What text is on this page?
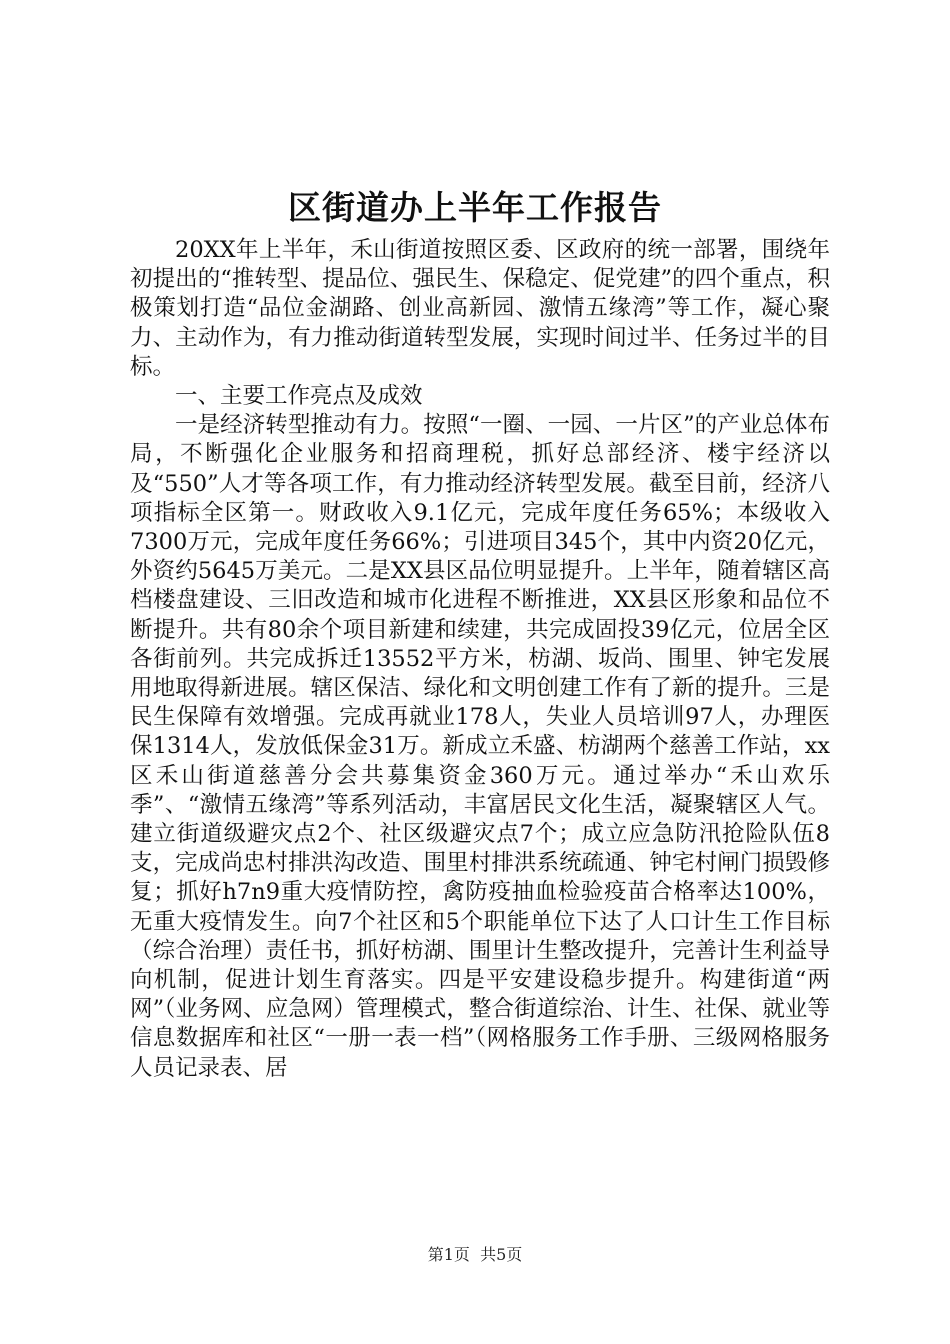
区街道办上半年工作报告

20XX年上半年，禾山街道按照区委、区政府的统一部署，围绕年初提出的“推转型、提品位、强民生、保稳定、促党建”的四个重点，积极策划打造“品位金湖路、创业高新园、激情五缘湾”等工作，凝心聚力、主动作为，有力推动街道转型发展，实现时间过半、任务过半的目标。

一、主要工作亮点及成效

一是经济转型推动有力。按照“一圈、一园、一片区”的产业总体布局，不断强化企业服务和招商理税，抓好总部经济、楼宇经济以及“550”人才等各项工作，有力推动经济转型发展。截至目前，经济八项指标全区第一。财政收入9.1亿元，完成年度任务65%；本级收入7300万元，完成年度任务66%；引进项目345个，其中内资20亿元，外资约5645万美元。二是XX县区品位明显提升。上半年，随着辖区高档楼盘建设、三旧改造和城市化进程不断推进，XX县区形象和品位不断提升。共有80余个项目新建和续建，共完成固投39亿元，位居全区各街前列。共完成拆迁13552平方米，枋湖、坂尚、围里、钟宅发展用地取得新进展。辖区保洁、绿化和文明创建工作有了新的提升。三是民生保障有效增强。完成再就业178人，失业人员培训97人，办理医保1314人，发放低保金31万。新成立禾盛、枋湖两个慈善工作站，xx区禾山街道慈善分会共募集资金360万元。通过举办“禾山欢乐季”、“激情五缘湾”等系列活动，丰富居民文化生活，凝聚辖区人气。建立街道级避灾点2个、社区级避灾点7个；成立应急防汛抢险队伍8支，完成尚忠村排洪沟改造、围里村排洪系统疏通、钟宅村闸门损毁修复；抓好h7n9重大疫情防控，禽防疫抽血检验疫苗合格率达100%，无重大疫情发生。向7个社区和5个职能单位下达了人口计生工作目标（综合治理）责任书，抓好枋湖、围里计生整改提升，完善计生利益导向机制，促进计划生育落实。四是平安建设稳步提升。构建街道“两网”（业务网、应急网）管理模式，整合街道综治、计生、社保、就业等信息数据库和社区“一册一表一档”（网格服务工作手册、三级网格服务人员记录表、居

第1页  共5页
